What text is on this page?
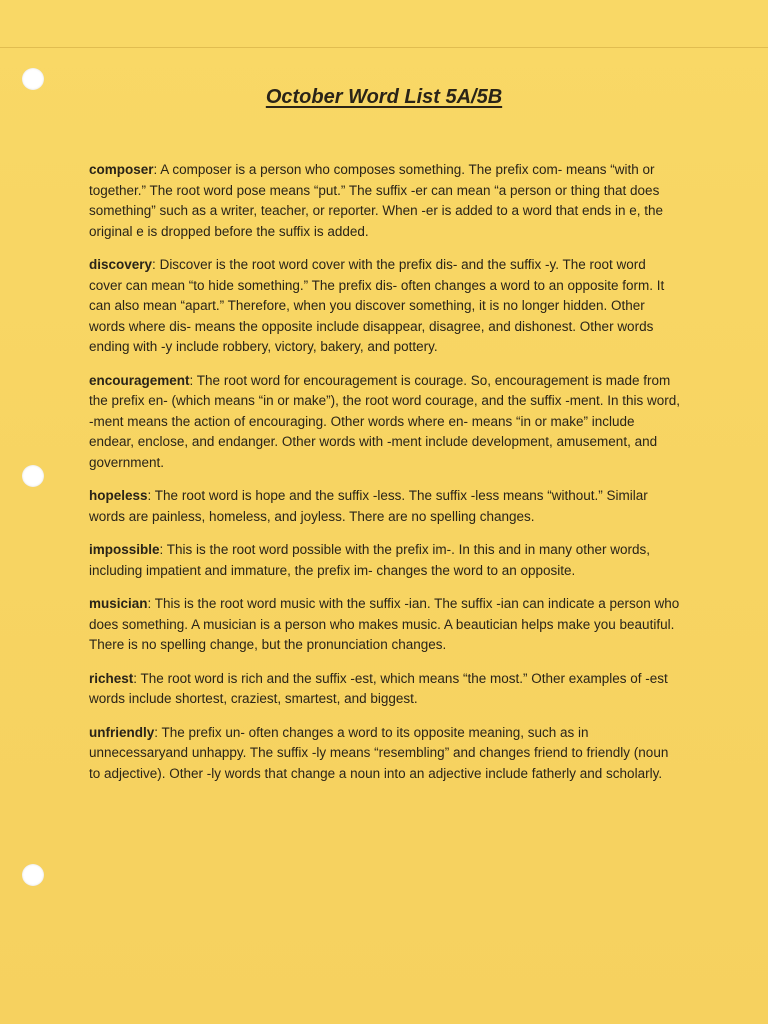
October Word List 5A/5B

composer: A composer is a person who composes something. The prefix com- means “with or together.” The root word pose means “put.” The suffix -er can mean “a person or thing that does something” such as a writer, teacher, or reporter. When -er is added to a word that ends in e, the original e is dropped before the suffix is added.

discovery: Discover is the root word cover with the prefix dis- and the suffix -y. The root word cover can mean “to hide something.” The prefix dis- often changes a word to an opposite form. It can also mean “apart.” Therefore, when you discover something, it is no longer hidden. Other words where dis- means the opposite include disappear, disagree, and dishonest. Other words ending with -y include robbery, victory, bakery, and pottery.

encouragement: The root word for encouragement is courage. So, encouragement is made from the prefix en- (which means “in or make”), the root word courage, and the suffix -ment. In this word, -ment means the action of encouraging. Other words where en- means “in or make” include endear, enclose, and endanger. Other words with -ment include development, amusement, and government.

hopeless: The root word is hope and the suffix -less. The suffix -less means “without.” Similar words are painless, homeless, and joyless. There are no spelling changes.

impossible: This is the root word possible with the prefix im-. In this and in many other words, including impatient and immature, the prefix im- changes the word to an opposite.

musician: This is the root word music with the suffix -ian. The suffix -ian can indicate a person who does something. A musician is a person who makes music. A beautician helps make you beautiful. There is no spelling change, but the pronunciation changes.

richest: The root word is rich and the suffix -est, which means “the most.” Other examples of -est words include shortest, craziest, smartest, and biggest.

unfriendly: The prefix un- often changes a word to its opposite meaning, such as in unnecessaryand unhappy. The suffix -ly means “resembling” and changes friend to friendly (noun to adjective). Other -ly words that change a noun into an adjective include fatherly and scholarly.
